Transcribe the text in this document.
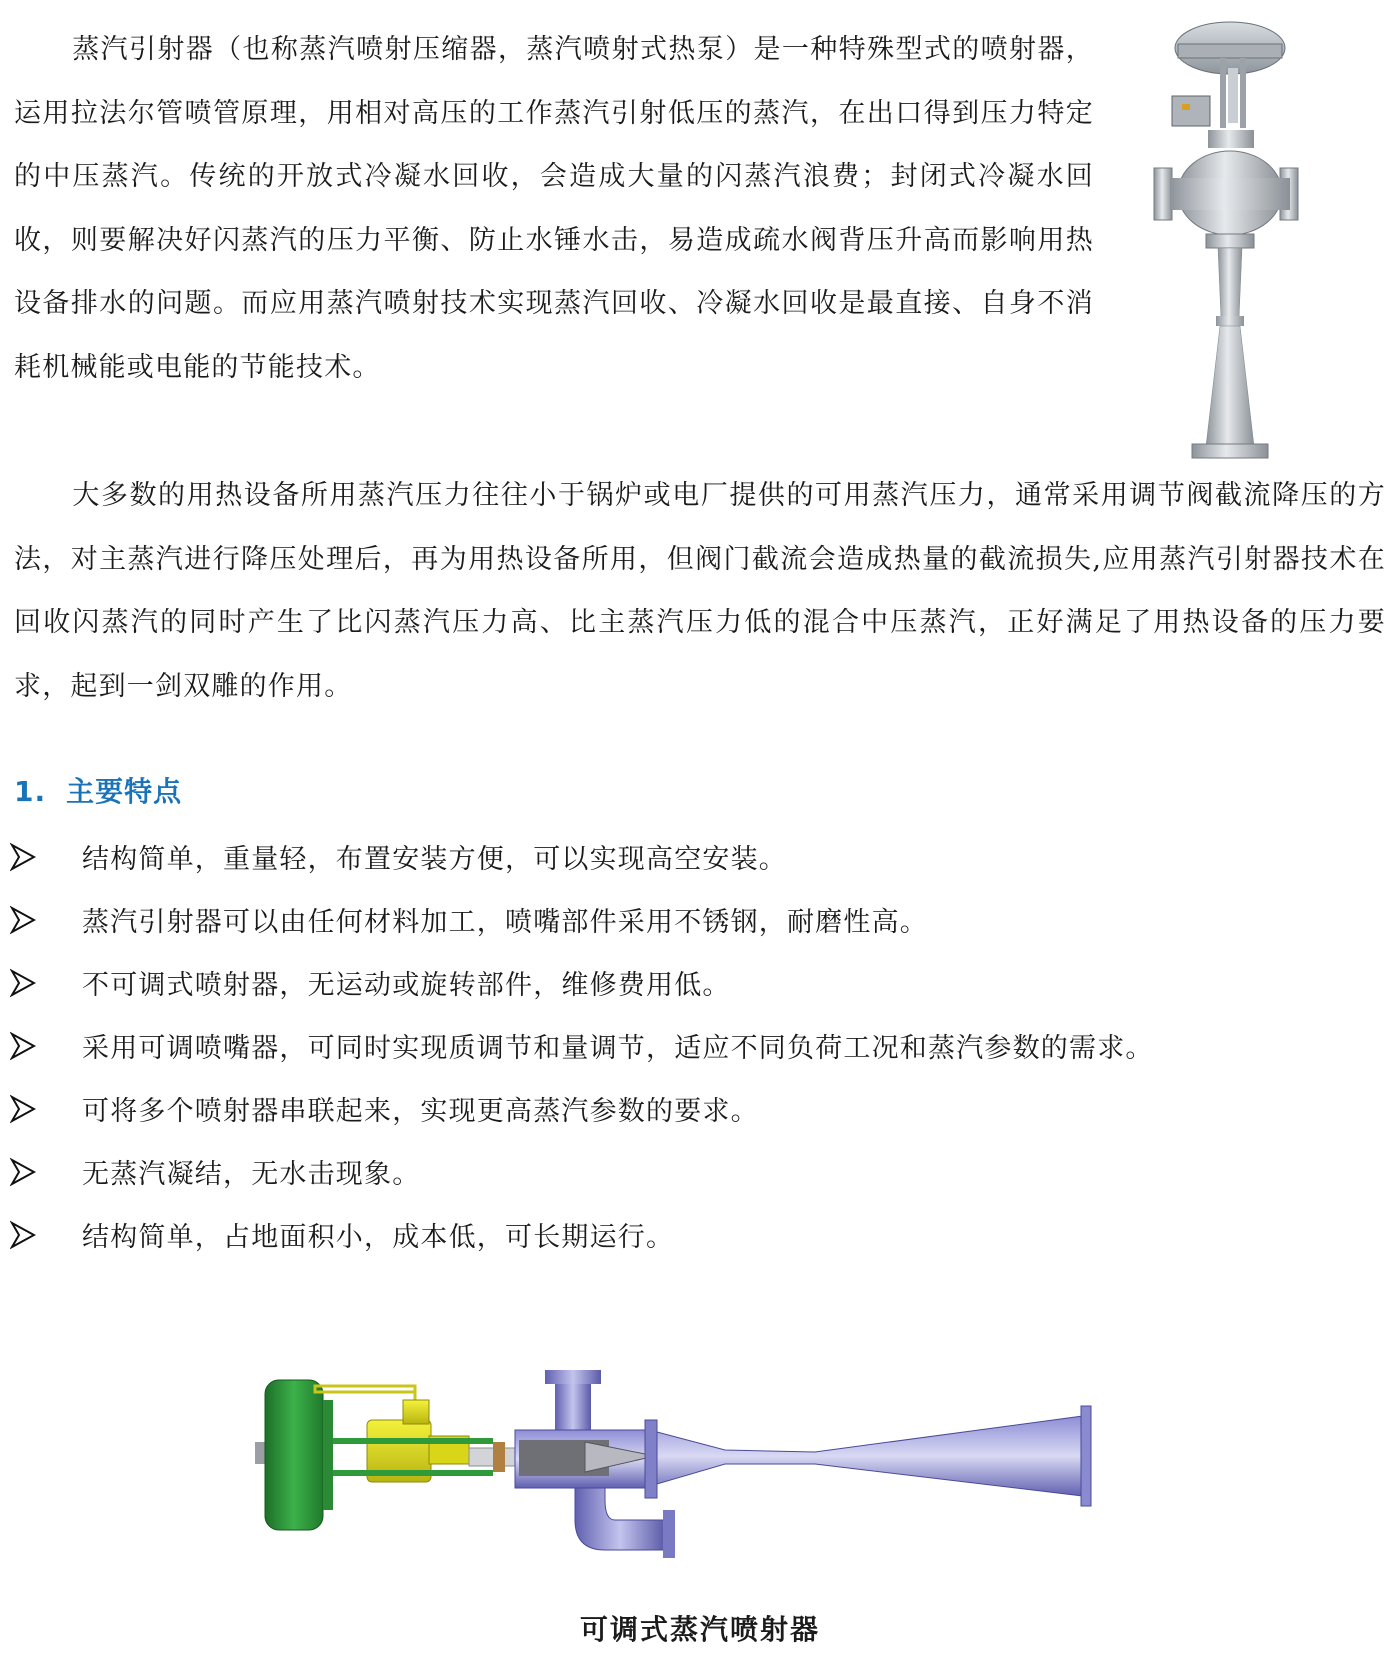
蒸汽引射器（也称蒸汽喷射压缩器，蒸汽喷射式热泵）是一种特殊型式的喷射器，运用拉法尔管喷管原理，用相对高压的工作蒸汽引射低压的蒸汽，在出口得到压力特定的中压蒸汽。传统的开放式冷凝水回收，会造成大量的闪蒸汽浪费；封闭式冷凝水回收，则要解决好闪蒸汽的压力平衡、防止水锤水击，易造成疏水阀背压升高而影响用热设备排水的问题。而应用蒸汽喷射技术实现蒸汽回收、冷凝水回收是最直接、自身不消耗机械能或电能的节能技术。

大多数的用热设备所用蒸汽压力往往小于锅炉或电厂提供的可用蒸汽压力，通常采用调节阀截流降压的方法，对主蒸汽进行降压处理后，再为用热设备所用，但阀门截流会造成热量的截流损失,应用蒸汽引射器技术在回收闪蒸汽的同时产生了比闪蒸汽压力高、比主蒸汽压力低的混合中压蒸汽，正好满足了用热设备的压力要求，起到一剑双雕的作用。

1. 主要特点
结构简单，重量轻，布置安装方便，可以实现高空安装。
蒸汽引射器可以由任何材料加工，喷嘴部件采用不锈钢，耐磨性高。
不可调式喷射器，无运动或旋转部件，维修费用低。
采用可调喷嘴器，可同时实现质调节和量调节，适应不同负荷工况和蒸汽参数的需求。
可将多个喷射器串联起来，实现更高蒸汽参数的要求。
无蒸汽凝结，无水击现象。
结构简单，占地面积小，成本低，可长期运行。

可调式蒸汽喷射器
